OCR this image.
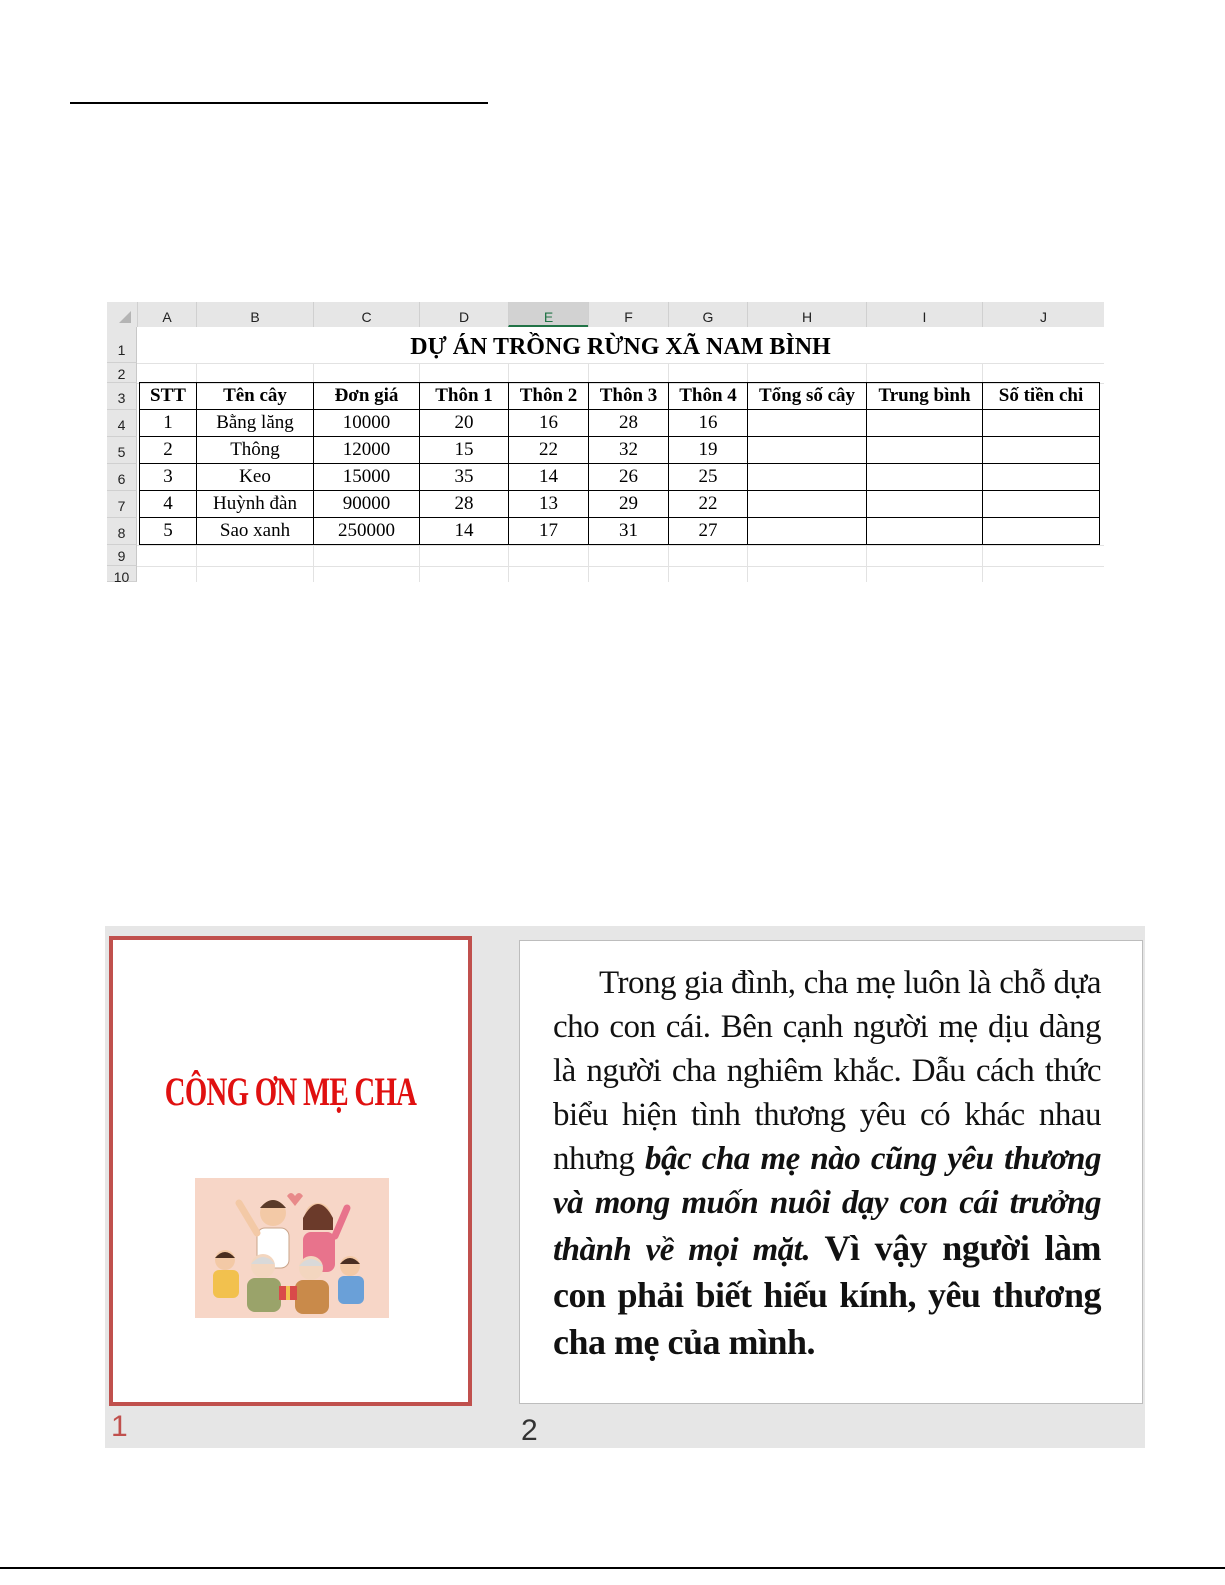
A	B	C	D	E	F	G	H	I	J
1
2
3
4
5
6
7
8
9
10
DỰ ÁN TRỒNG RỪNG XÃ NAM BÌNH
STT	Tên cây	Đơn giá	Thôn 1	Thôn 2	Thôn 3	Thôn 4	Tổng số cây	Trung bình	Số tiền chi
1	Bằng lăng	10000	20	16	28	16			
2	Thông	12000	15	22	32	19			
3	Keo	15000	35	14	26	25			
4	Huỳnh đàn	90000	28	13	29	22			
5	Sao xanh	250000	14	17	31	27			
CÔNG ƠN MẸ CHA
1
Trong gia đình, cha mẹ luôn là chỗ dựa cho con cái. Bên cạnh người mẹ dịu dàng là người cha nghiêm khắc. Dẫu cách thức biểu hiện tình thương yêu có khác nhau nhưng bậc cha mẹ nào cũng yêu thương và mong muốn nuôi dạy con cái trưởng thành về mọi mặt. Vì vậy người làm con phải biết hiếu kính, yêu thương cha mẹ của mình.
2
